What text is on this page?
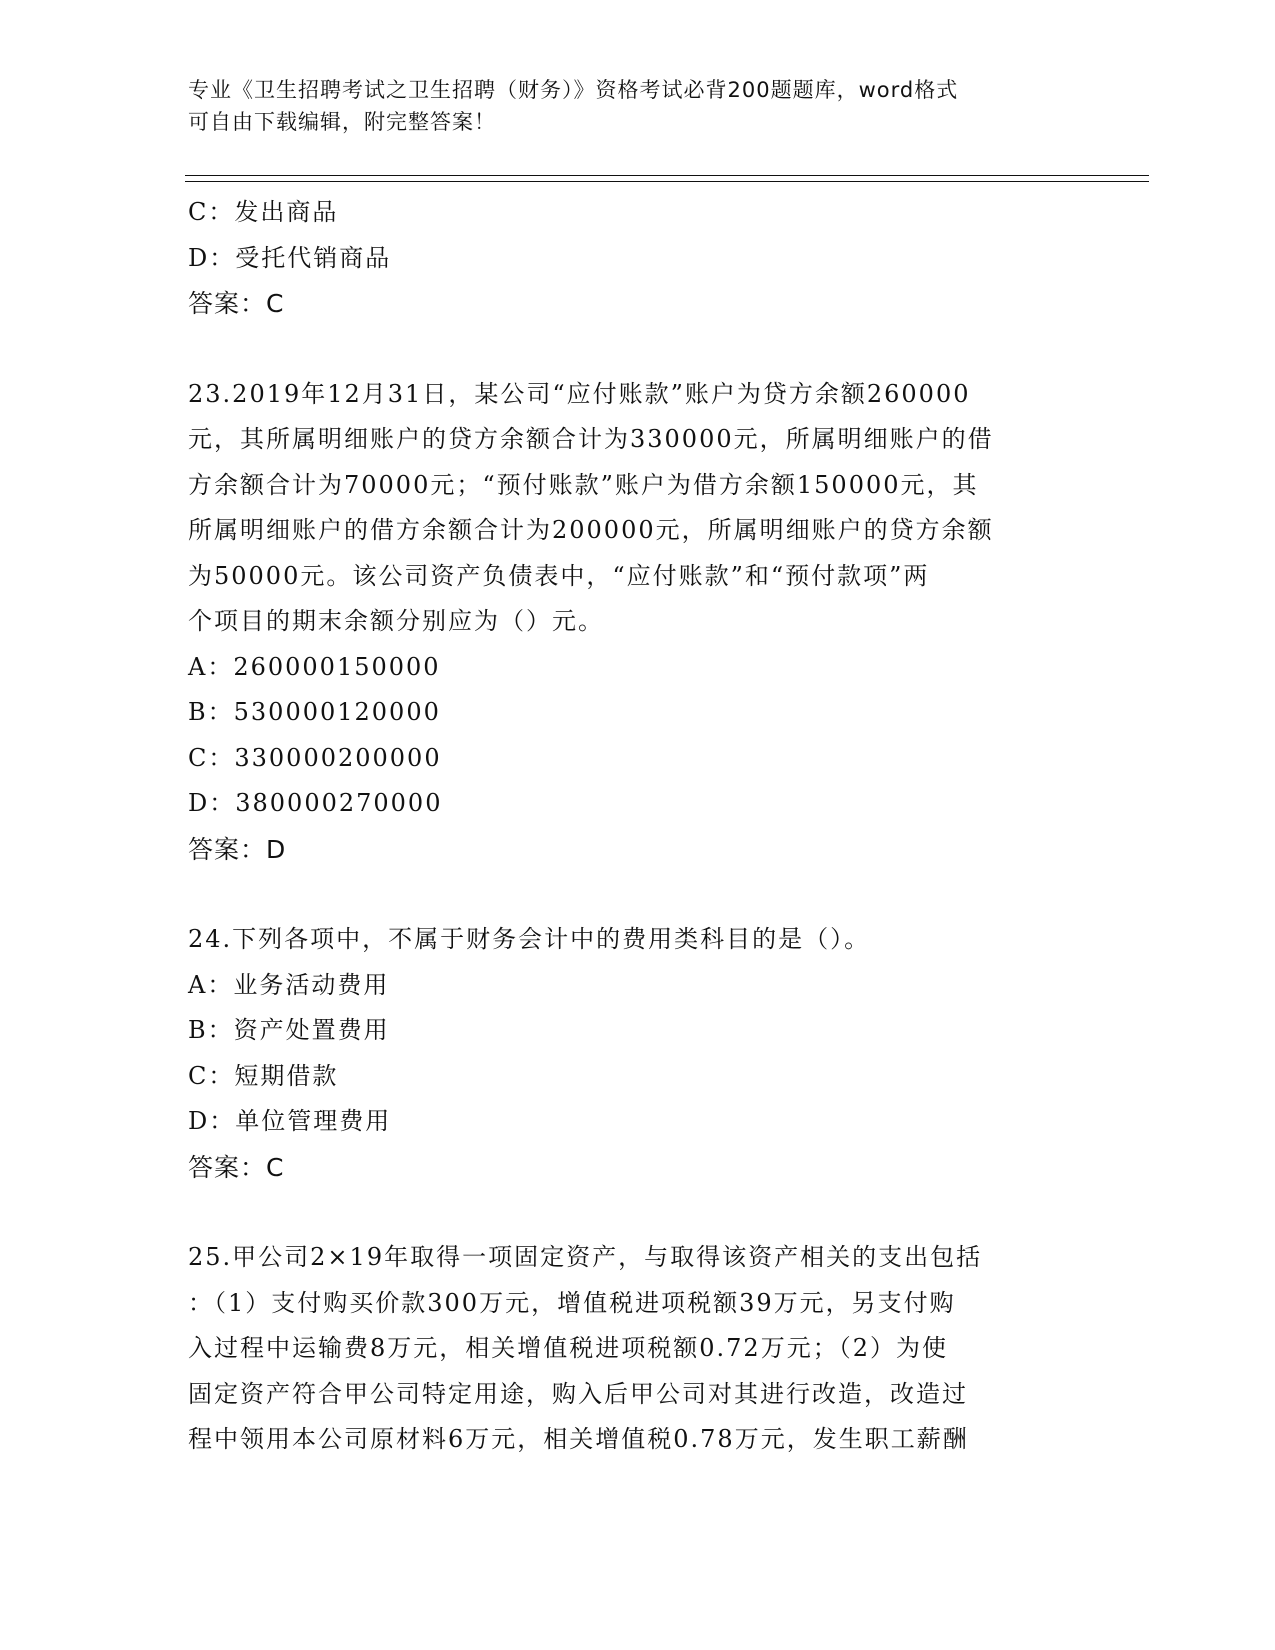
专业《卫生招聘考试之卫生招聘（财务）》资格考试必背200题题库，word格式
可自由下载编辑，附完整答案！
C：发出商品
D：受托代销商品
答案：C
23.2019年12月31日，某公司“应付账款”账户为贷方余额260000
元，其所属明细账户的贷方余额合计为330000元，所属明细账户的借
方余额合计为70000元；“预付账款”账户为借方余额150000元，其
所属明细账户的借方余额合计为200000元，所属明细账户的贷方余额
为50000元。该公司资产负债表中，“应付账款”和“预付款项”两
个项目的期末余额分别应为（）元。
A：260000150000
B：530000120000
C：330000200000
D：380000270000
答案：D
24.下列各项中，不属于财务会计中的费用类科目的是（）。
A：业务活动费用
B：资产处置费用
C：短期借款
D：单位管理费用
答案：C
25.甲公司2×19年取得一项固定资产，与取得该资产相关的支出包括
：（1）支付购买价款300万元，增值税进项税额39万元，另支付购
入过程中运输费8万元，相关增值税进项税额0.72万元；（2）为使
固定资产符合甲公司特定用途，购入后甲公司对其进行改造，改造过
程中领用本公司原材料6万元，相关增值税0.78万元，发生职工薪酬
